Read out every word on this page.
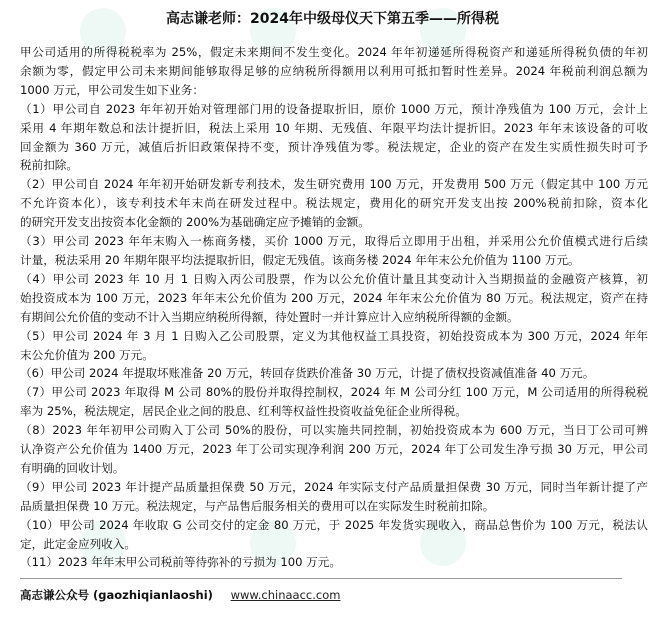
高志谦老师：2024年中级母仪天下第五季——所得税
甲公司适用的所得税税率为 25%，假定未来期间不发生变化。2024 年年初递延所得税资产和递延所得税负债的年初
余额为零，假定甲公司未来期间能够取得足够的应纳税所得额用以利用可抵扣暂时性差异。2024 年税前利润总额为
1000 万元，甲公司发生如下业务：
（1）甲公司自 2023 年年初开始对管理部门用的设备提取折旧，原价 1000 万元，预计净残值为 100 万元，会计上
采用 4 年期年数总和法计提折旧，税法上采用 10 年期、无残值、年限平均法计提折旧。2023 年年末该设备的可收
回金额为 360 万元，减值后折旧政策保持不变，预计净残值为零。税法规定，企业的资产在发生实质性损失时可予
税前扣除。
（2）甲公司自 2024 年年初开始研发新专利技术，发生研究费用 100 万元，开发费用 500 万元（假定其中 100 万元
不允许资本化），该专利技术年末尚在研发过程中。税法规定，费用化的研究开发支出按 200%税前扣除，资本化
的研究开发支出按资本化金额的 200%为基础确定应予摊销的金额。
（3）甲公司 2023 年年末购入一栋商务楼，买价 1000 万元，取得后立即用于出租，并采用公允价值模式进行后续
计量，税法采用 20 年期年限平均法提取折旧，假定无残值。该商务楼 2024 年年末公允价值为 1100 万元。
（4）甲公司 2023 年 10 月 1 日购入丙公司股票，作为以公允价值计量且其变动计入当期损益的金融资产核算，初
始投资成本为 100 万元，2023 年年末公允价值为 200 万元，2024 年年末公允价值为 80 万元。税法规定，资产在持
有期间公允价值的变动不计入当期应纳税所得额，待处置时一并计算应计入应纳税所得额的金额。
（5）甲公司 2024 年 3 月 1 日购入乙公司股票，定义为其他权益工具投资，初始投资成本为 300 万元，2024 年年
末公允价值为 200 万元。
（6）甲公司 2024 年提取坏账准备 20 万元，转回存货跌价准备 30 万元，计提了债权投资减值准备 40 万元。
（7）甲公司 2023 年取得 M 公司 80%的股份并取得控制权，2024 年 M 公司分红 100 万元，M 公司适用的所得税税
率为 25%，税法规定，居民企业之间的股息、红利等权益性投资收益免征企业所得税。
（8）2023 年年初甲公司购入丁公司 50%的股份，可以实施共同控制，初始投资成本为 600 万元，当日丁公司可辨
认净资产公允价值为 1400 万元，2023 年丁公司实现净利润 200 万元，2024 年丁公司发生净亏损 30 万元，甲公司
有明确的回收计划。
（9）甲公司 2023 年计提产品质量担保费 50 万元，2024 年实际支付产品质量担保费 30 万元，同时当年新计提了产
品质量担保费 10 万元。税法规定，与产品售后服务相关的费用可以在实际发生时税前扣除。
（10）甲公司 2024 年收取 G 公司交付的定金 80 万元，于 2025 年发货实现收入，商品总售价为 100 万元，税法认
定，此定金应列收入。
（11）2023 年年末甲公司税前等待弥补的亏损为 100 万元。
高志谦公众号 (gaozhiqianlaoshi) www.chinaacc.com
